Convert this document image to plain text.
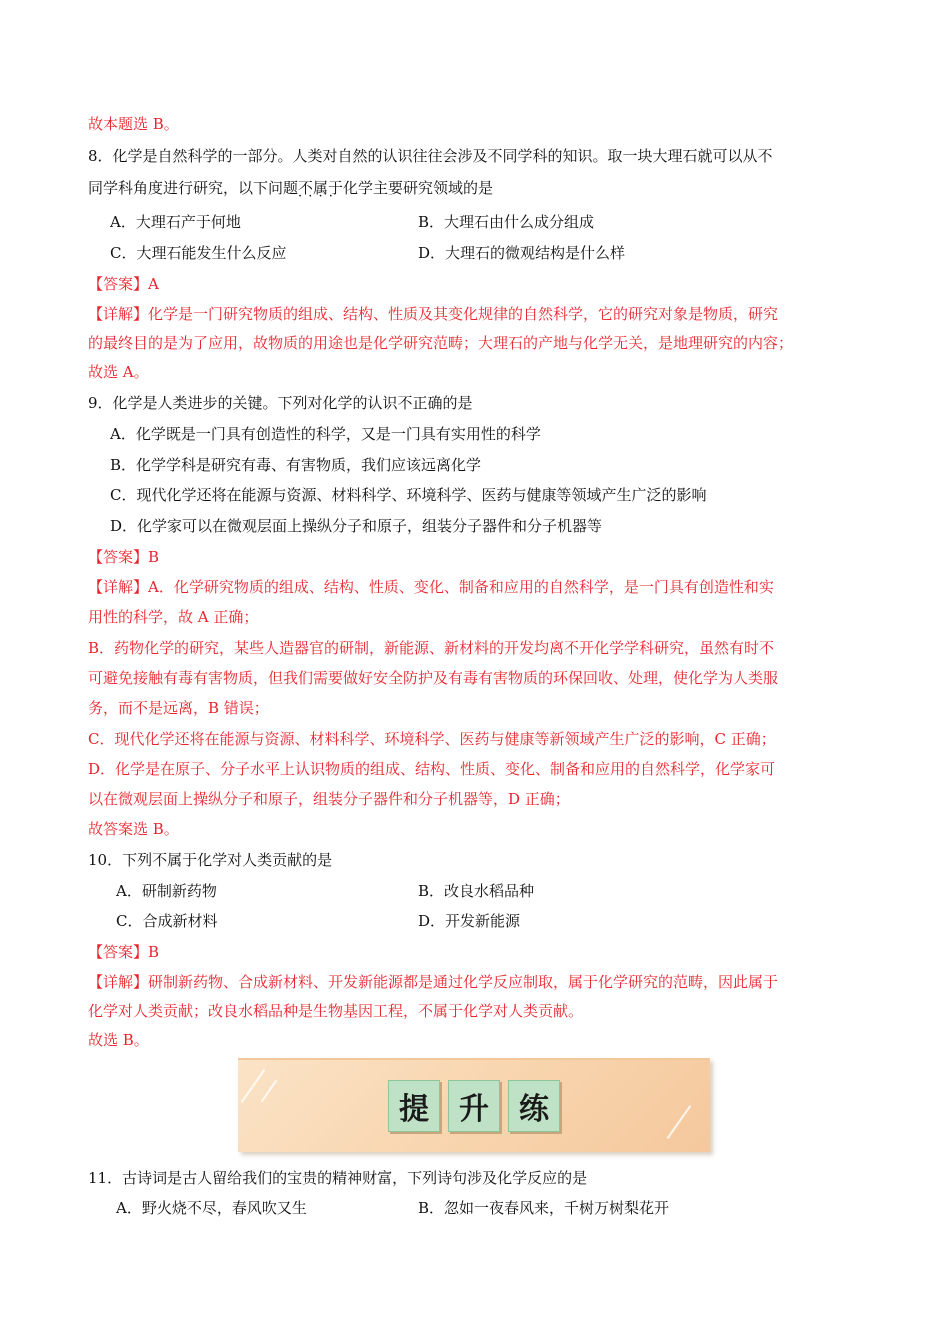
故本题选 B。
8．化学是自然科学的一部分。人类对自然的认识往往会涉及不同学科的知识。取一块大理石就可以从不
同学科角度进行研究，以下问题不属于 · · · ·化学主要研究领域的是
A．大理石产于何地	B．大理石由什么成分组成
C．大理石能发生什么反应	D．大理石的微观结构是什么样
【答案】A
【详解】化学是一门研究物质的组成、结构、性质及其变化规律的自然科学，它的研究对象是物质，研究
的最终目的是为了应用，故物质的用途也是化学研究范畴；大理石的产地与化学无关，是地理研究的内容；
故选 A。
9．化学是人类进步的关键。下列对化学的认识不正确的是
A．化学既是一门具有创造性的科学，又是一门具有实用性的科学
B．化学学科是研究有毒、有害物质，我们应该远离化学
C．现代化学还将在能源与资源、材料科学、环境科学、医药与健康等领域产生广泛的影响
D．化学家可以在微观层面上操纵分子和原子，组装分子器件和分子机器等
【答案】B
【详解】A．化学研究物质的组成、结构、性质、变化、制备和应用的自然科学，是一门具有创造性和实
用性的科学，故 A 正确；
B．药物化学的研究，某些人造器官的研制，新能源、新材料的开发均离不开化学学科研究，虽然有时不
可避免接触有毒有害物质，但我们需要做好安全防护及有毒有害物质的环保回收、处理，使化学为人类服
务，而不是远离，B 错误；
C．现代化学还将在能源与资源、材料科学、环境科学、医药与健康等新领域产生广泛的影响，C 正确；
D．化学是在原子、分子水平上认识物质的组成、结构、性质、变化、制备和应用的自然科学，化学家可
以在微观层面上操纵分子和原子，组装分子器件和分子机器等，D 正确；
故答案选 B。
10．下列不属于化学对人类贡献的是
A．研制新药物	B．改良水稻品种
C．合成新材料	D．开发新能源
【答案】B
【详解】研制新药物、合成新材料、开发新能源都是通过化学反应制取，属于化学研究的范畴，因此属于
化学对人类贡献；改良水稻品种是生物基因工程，不属于化学对人类贡献。
故选 B。
提	升	练
11．古诗词是古人留给我们的宝贵的精神财富，下列诗句涉及化学反应的是
A．野火烧不尽，春风吹又生	B．忽如一夜春风来，千树万树梨花开
